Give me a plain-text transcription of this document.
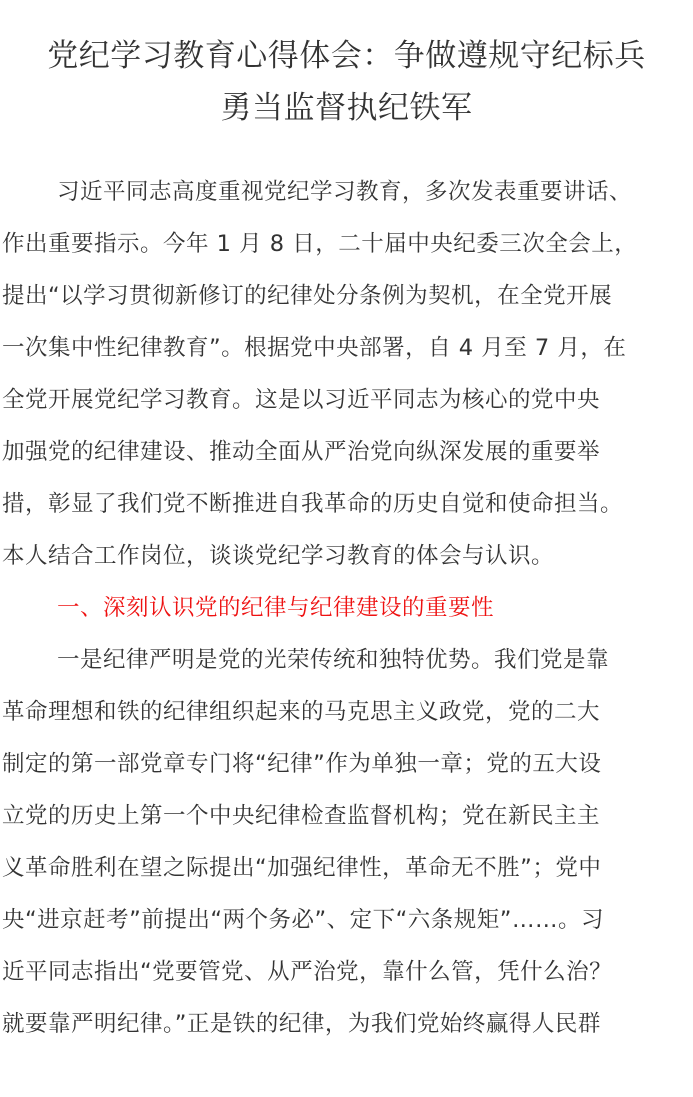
党纪学习教育心得体会：争做遵规守纪标兵
勇当监督执纪铁军
习近平同志高度重视党纪学习教育，多次发表重要讲话、
作出重要指示。今年 1 月 8 日，二十届中央纪委三次全会上，
提出“以学习贯彻新修订的纪律处分条例为契机，在全党开展
一次集中性纪律教育”。根据党中央部署，自 4 月至 7 月，在
全党开展党纪学习教育。这是以习近平同志为核心的党中央
加强党的纪律建设、推动全面从严治党向纵深发展的重要举
措，彰显了我们党不断推进自我革命的历史自觉和使命担当。
本人结合工作岗位，谈谈党纪学习教育的体会与认识。
一、深刻认识党的纪律与纪律建设的重要性
一是纪律严明是党的光荣传统和独特优势。我们党是靠
革命理想和铁的纪律组织起来的马克思主义政党，党的二大
制定的第一部党章专门将“纪律”作为单独一章；党的五大设
立党的历史上第一个中央纪律检查监督机构；党在新民主主
义革命胜利在望之际提出“加强纪律性，革命无不胜”；党中
央“进京赶考”前提出“两个务必”、定下“六条规矩”……。习
近平同志指出“党要管党、从严治党，靠什么管，凭什么治？
就要靠严明纪律。”正是铁的纪律，为我们党始终赢得人民群
